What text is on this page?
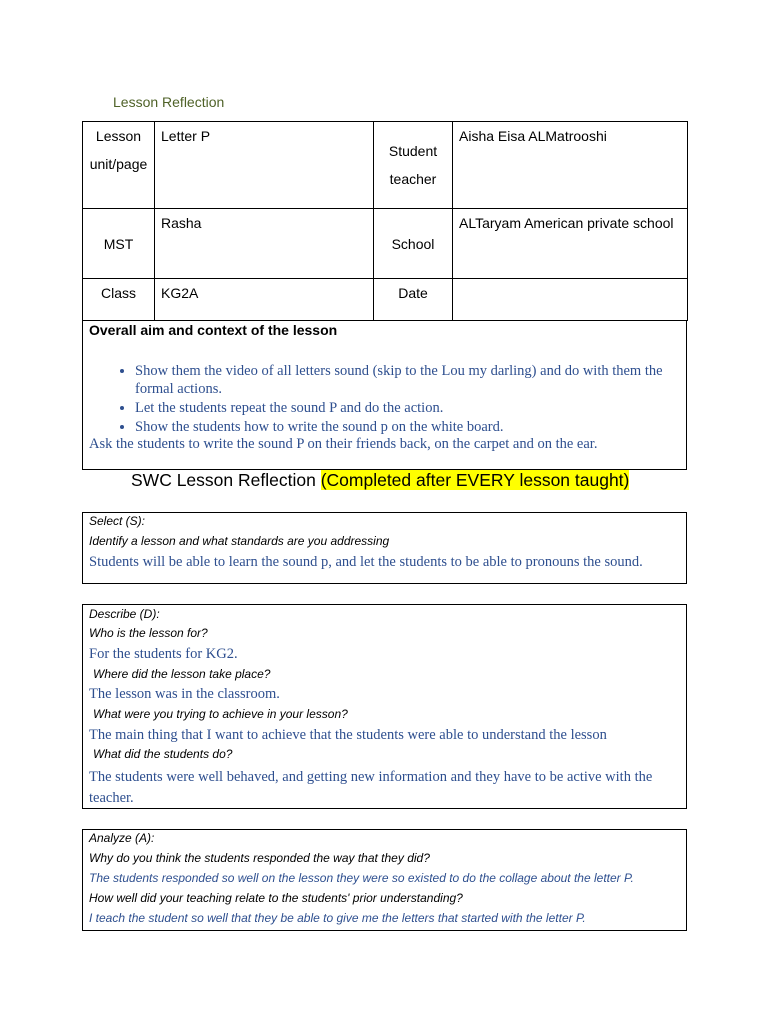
Lesson Reflection
Lesson unit/page	Letter P	Student teacher	Aisha Eisa ALMatrooshi
MST	Rasha	School	ALTaryam American private school
Class	KG2A	Date	
Overall aim and context of the lesson
• Show them the video of all letters sound (skip to the Lou my darling) and do with them the formal actions.
• Let the students repeat the sound P and do the action.
• Show the students how to write the sound p on the white board.
Ask the students to write the sound P on their friends back, on the carpet and on the ear.
SWC Lesson Reflection (Completed after EVERY lesson taught)
Select (S):
Identify a lesson and what standards are you addressing
Students will be able to learn the sound p, and let the students to be able to pronouns the sound.
Describe (D):
Who is the lesson for?
For the students for KG2.
Where did the lesson take place?
The lesson was in the classroom.
What were you trying to achieve in your lesson?
The main thing that I want to achieve that the students were able to understand the lesson
What did the students do?
The students were well behaved, and getting new information and they have to be active with the teacher.
Analyze (A):
Why do you think the students responded the way that they did?
The students responded so well on the lesson they were so existed to do the collage about the letter P.
How well did your teaching relate to the students' prior understanding?
I teach the student so well that they be able to give me the letters that started with the letter P.
